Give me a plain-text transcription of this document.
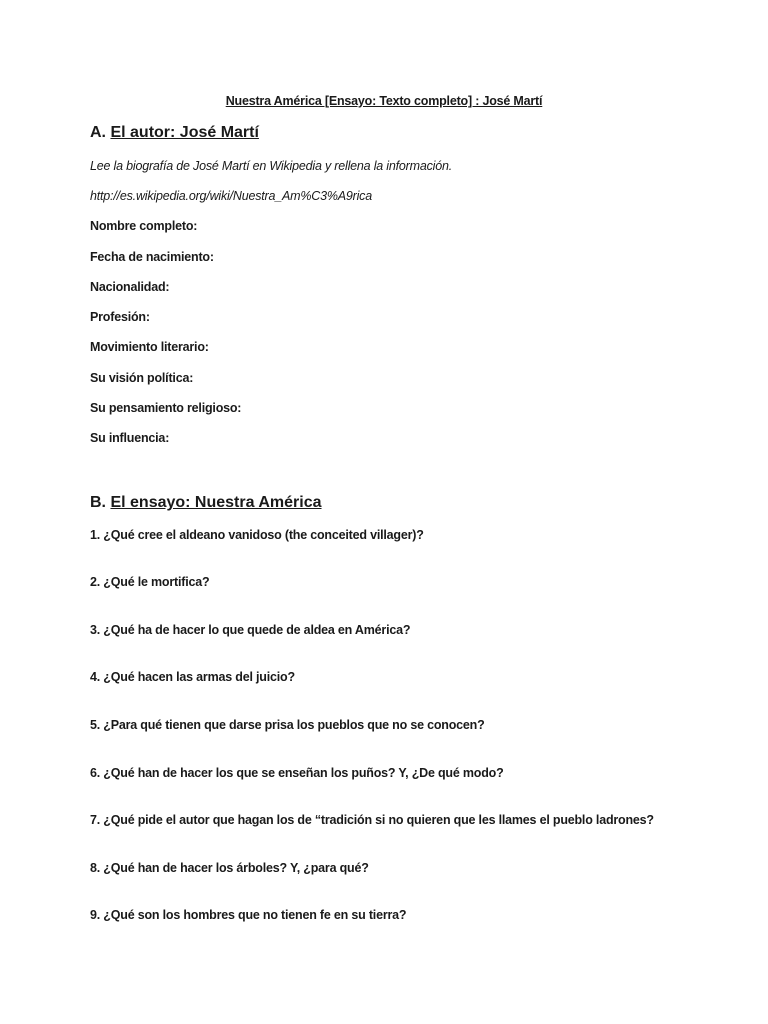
Nuestra América [Ensayo: Texto completo] : José Martí
A. El autor: José Martí
Lee la biografía de José Martí en Wikipedia y rellena la información.
http://es.wikipedia.org/wiki/Nuestra_Am%C3%A9rica
Nombre completo:
Fecha de nacimiento:
Nacionalidad:
Profesión:
Movimiento literario:
Su visión política:
Su pensamiento religioso:
Su influencia:
B. El ensayo: Nuestra América
1. ¿Qué cree el aldeano vanidoso (the conceited villager)?
2. ¿Qué le mortifica?
3. ¿Qué ha de hacer lo que quede de aldea en América?
4. ¿Qué hacen las armas del juicio?
5. ¿Para qué tienen que darse prisa los pueblos que no se conocen?
6. ¿Qué han de hacer los que se enseñan los puños? Y, ¿De qué modo?
7. ¿Qué pide el autor que hagan los de “tradición si no quieren que les llames el pueblo ladrones?
8. ¿Qué han de hacer los árboles? Y, ¿para qué?
9. ¿Qué son los hombres que no tienen fe en su tierra?
